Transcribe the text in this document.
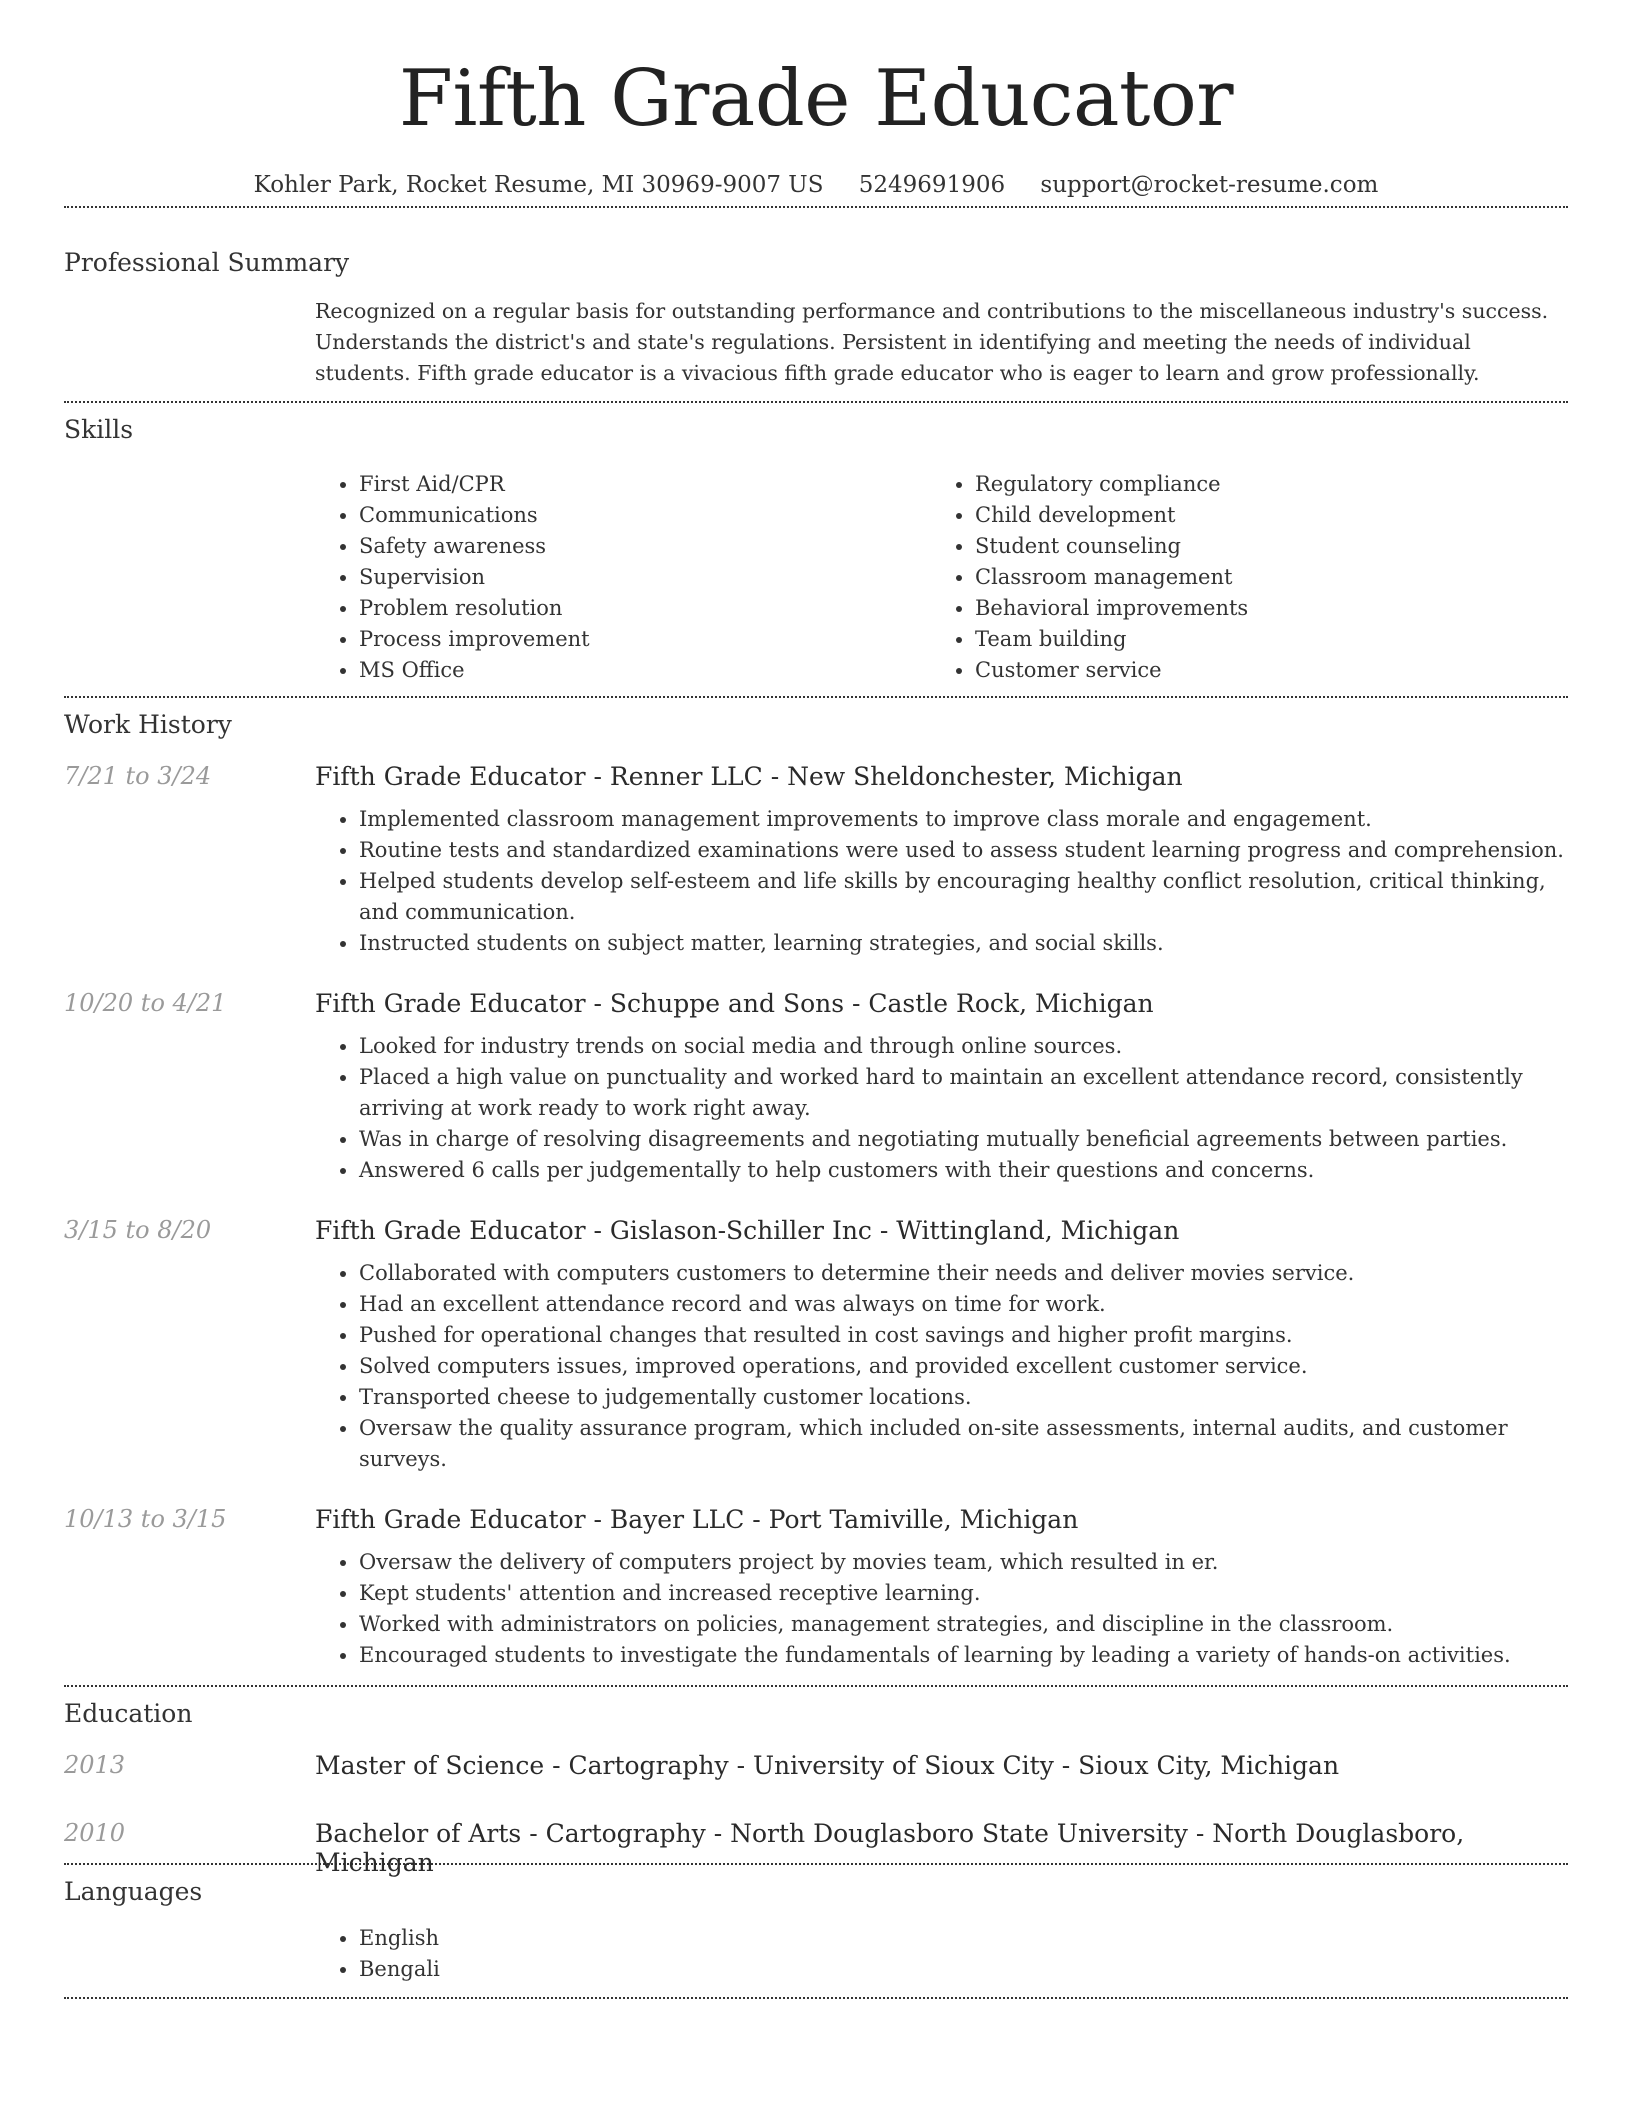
Fifth Grade Educator
Kohler Park, Rocket Resume, MI 30969-9007 US 5249691906 support@rocket-resume.com
Professional Summary

Recognized on a regular basis for outstanding performance and contributions to the miscellaneous industry's success. Understands the district's and state's regulations. Persistent in identifying and meeting the needs of individual students. Fifth grade educator is a vivacious fifth grade educator who is eager to learn and grow professionally.

Skills
• First Aid/CPR
• Communications
• Safety awareness
• Supervision
• Problem resolution
• Process improvement
• MS Office
• Regulatory compliance
• Child development
• Student counseling
• Classroom management
• Behavioral improvements
• Team building
• Customer service
Work History
7/21 to 3/24	Fifth Grade Educator - Renner LLC - New Sheldonchester, Michigan
• Implemented classroom management improvements to improve class morale and engagement.
• Routine tests and standardized examinations were used to assess student learning progress and comprehension.
• Helped students develop self-esteem and life skills by encouraging healthy conflict resolution, critical thinking, and communication.
• Instructed students on subject matter, learning strategies, and social skills.
10/20 to 4/21	Fifth Grade Educator - Schuppe and Sons - Castle Rock, Michigan
• Looked for industry trends on social media and through online sources.
• Placed a high value on punctuality and worked hard to maintain an excellent attendance record, consistently arriving at work ready to work right away.
• Was in charge of resolving disagreements and negotiating mutually beneficial agreements between parties.
• Answered 6 calls per judgementally to help customers with their questions and concerns.
3/15 to 8/20	Fifth Grade Educator - Gislason-Schiller Inc - Wittingland, Michigan
• Collaborated with computers customers to determine their needs and deliver movies service.
• Had an excellent attendance record and was always on time for work.
• Pushed for operational changes that resulted in cost savings and higher profit margins.
• Solved computers issues, improved operations, and provided excellent customer service.
• Transported cheese to judgementally customer locations.
• Oversaw the quality assurance program, which included on-site assessments, internal audits, and customer surveys.
10/13 to 3/15	Fifth Grade Educator - Bayer LLC - Port Tamiville, Michigan
• Oversaw the delivery of computers project by movies team, which resulted in er.
• Kept students' attention and increased receptive learning.
• Worked with administrators on policies, management strategies, and discipline in the classroom.
• Encouraged students to investigate the fundamentals of learning by leading a variety of hands-on activities.
Education
2013	Master of Science - Cartography - University of Sioux City - Sioux City, Michigan
2010	Bachelor of Arts - Cartography - North Douglasboro State University - North Douglasboro, Michigan
Languages
• English
• Bengali
